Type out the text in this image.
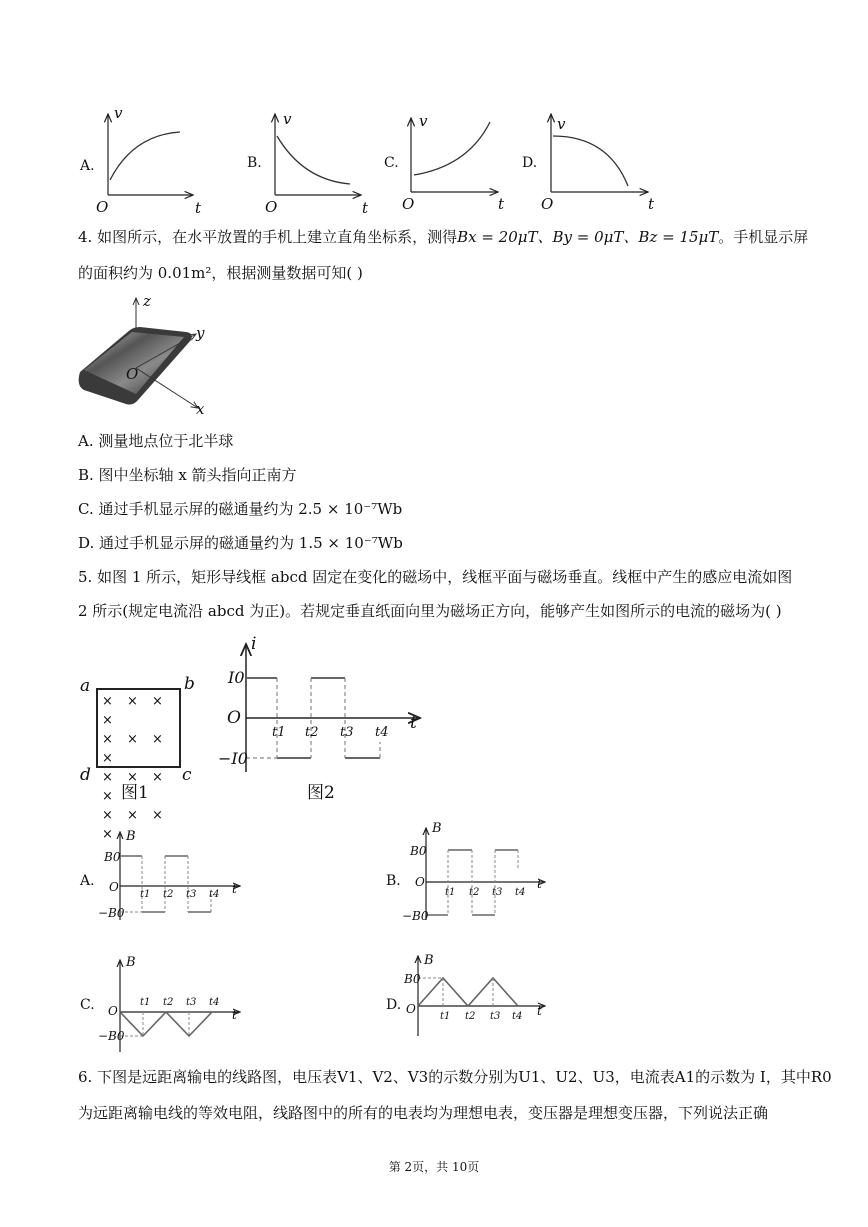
A.
v
O	t
B.
v
O	t
C.
v
O	t
D.
v
O	t
4. 如图所示，在水平放置的手机上建立直角坐标系，测得Bx = 20μT、By = 0μT、Bz = 15μT。手机显示屏
的面积约为 0.01m²，根据测量数据可知( )
z
y
x
O
A. 测量地点位于北半球
B. 图中坐标轴 x 箭头指向正南方
C. 通过手机显示屏的磁通量约为 2.5 × 10⁻⁷Wb
D. 通过手机显示屏的磁通量约为 1.5 × 10⁻⁷Wb
5. 如图 1 所示，矩形导线框 abcd 固定在变化的磁场中，线框平面与磁场垂直。线框中产生的感应电流如图
2 所示(规定电流沿 abcd 为正)。若规定垂直纸面向里为磁场正方向，能够产生如图所示的电流的磁场为( )
× × × ×
× × × ×
× × × ×
× × × ×
a	b
c
d
图1
i
t
O
I0
−I0
t1 t2 t3 t4
图2
A.
B
B0
O
−B0
t
t1 t2 t3 t4
B.
B
B0
O
−B0
t
t1 t2 t3 t4
C.
B
O
−B0
t
t1 t2 t3 t4	D.
B
B0
O	t
t1 t2 t3 t4
6. 下图是远距离输电的线路图，电压表V1、V2、V3的示数分别为U1、U2、U3，电流表A1的示数为 I，其中R0
为远距离输电线的等效电阻，线路图中的所有的电表均为理想电表，变压器是理想变压器，下列说法正确
第 2页，共 10页
